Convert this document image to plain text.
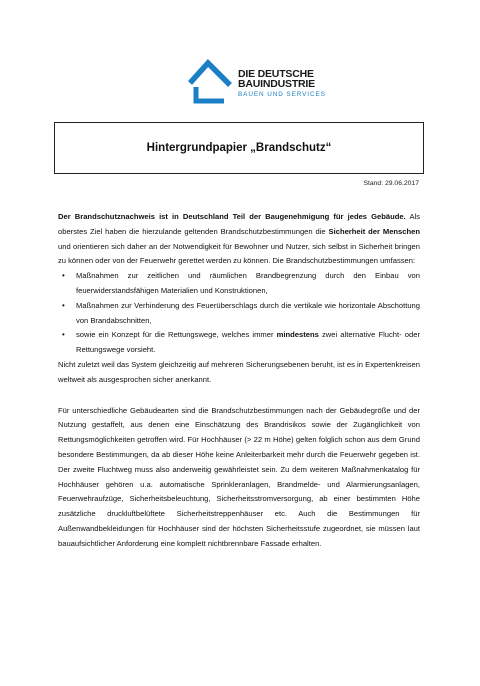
DIE DEUTSCHE
BAUINDUSTRIE
BAUEN UND SERVICES
Hintergrundpapier „Brandschutz“
Stand: 29.06.2017

Der Brandschutznachweis ist in Deutschland Teil der Baugenehmigung für jedes Gebäude. Als oberstes Ziel haben die hierzulande geltenden Brandschutzbestimmungen die Sicherheit der Menschen und orientieren sich daher an der Notwendigkeit für Bewohner und Nutzer, sich selbst in Sicherheit bringen zu können oder von der Feuerwehr gerettet werden zu können. Die Brandschutzbestimmungen umfassen:

• Maßnahmen zur zeitlichen und räumlichen Brandbegrenzung durch den Einbau von feuerwiderstandsfähigen Materialien und Konstruktionen,
• Maßnahmen zur Verhinderung des Feuerüberschlags durch die vertikale wie horizontale Abschottung von Brandabschnitten,
• sowie ein Konzept für die Rettungswege, welches immer mindestens zwei alternative Flucht- oder Rettungswege vorsieht.

Nicht zuletzt weil das System gleichzeitig auf mehreren Sicherungsebenen beruht, ist es in Expertenkreisen weltweit als ausgesprochen sicher anerkannt.

Für unterschiedliche Gebäudearten sind die Brandschutzbestimmungen nach der Gebäudegröße und der Nutzung gestaffelt, aus denen eine Einschätzung des Brandrisikos sowie der Zugänglichkeit von Rettungsmöglichkeiten getroffen wird. Für Hochhäuser (> 22 m Höhe) gelten folglich schon aus dem Grund besondere Bestimmungen, da ab dieser Höhe keine Anleiterbarkeit mehr durch die Feuerwehr gegeben ist. Der zweite Fluchtweg muss also anderweitig gewährleistet sein. Zu dem weiteren Maßnahmenkatalog für Hochhäuser gehören u.a. automatische Sprinkleranlagen, Brandmelde- und Alarmierungsanlagen, Feuerwehraufzüge, Sicherheitsbeleuchtung, Sicherheitsstromversorgung, ab einer bestimmten Höhe zusätzliche druckluftbelüftete Sicherheitstreppenhäuser etc. Auch die Bestimmungen für Außenwandbekleidungen für Hochhäuser sind der höchsten Sicherheitsstufe zugeordnet, sie müssen laut bauaufsichtlicher Anforderung eine komplett nichtbrennbare Fassade erhalten.
